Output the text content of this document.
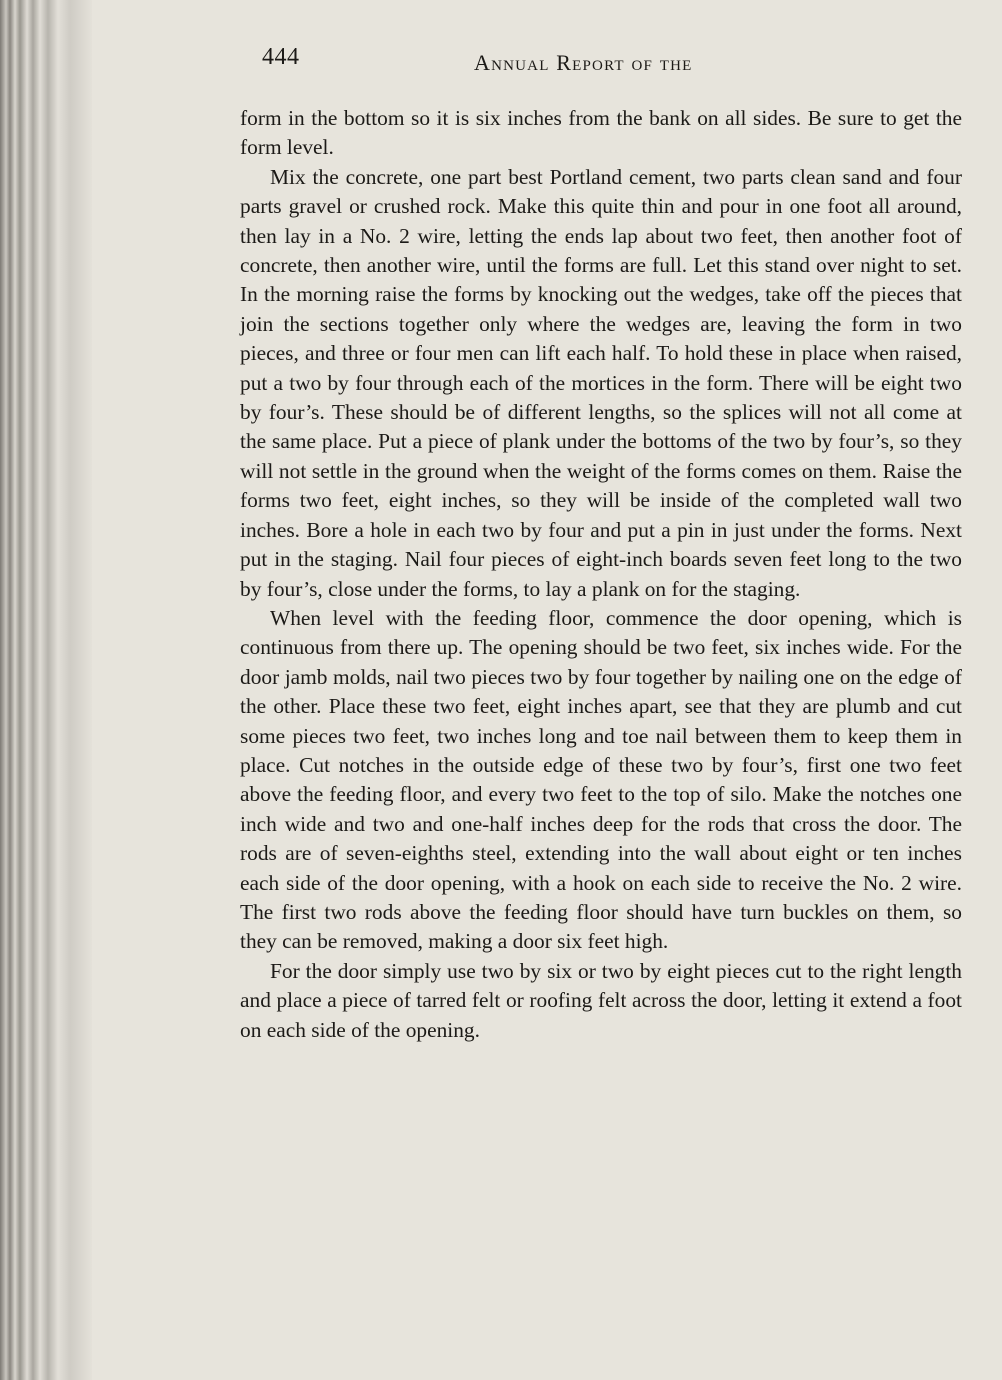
444	Annual Report of the

form in the bottom so it is six inches from the bank on all sides. Be sure to get the form level.

Mix the concrete, one part best Portland cement, two parts clean sand and four parts gravel or crushed rock. Make this quite thin and pour in one foot all around, then lay in a No. 2 wire, letting the ends lap about two feet, then another foot of concrete, then another wire, until the forms are full. Let this stand over night to set. In the morning raise the forms by knocking out the wedges, take off the pieces that join the sections together only where the wedges are, leaving the form in two pieces, and three or four men can lift each half. To hold these in place when raised, put a two by four through each of the mortices in the form. There will be eight two by four’s. These should be of different lengths, so the splices will not all come at the same place. Put a piece of plank under the bottoms of the two by four’s, so they will not settle in the ground when the weight of the forms comes on them. Raise the forms two feet, eight inches, so they will be inside of the completed wall two inches. Bore a hole in each two by four and put a pin in just under the forms. Next put in the staging. Nail four pieces of eight-inch boards seven feet long to the two by four’s, close under the forms, to lay a plank on for the staging.

When level with the feeding floor, commence the door opening, which is continuous from there up. The opening should be two feet, six inches wide. For the door jamb molds, nail two pieces two by four together by nailing one on the edge of the other. Place these two feet, eight inches apart, see that they are plumb and cut some pieces two feet, two inches long and toe nail between them to keep them in place. Cut notches in the outside edge of these two by four’s, first one two feet above the feeding floor, and every two feet to the top of silo. Make the notches one inch wide and two and one-half inches deep for the rods that cross the door. The rods are of seven-eighths steel, extending into the wall about eight or ten inches each side of the door opening, with a hook on each side to receive the No. 2 wire. The first two rods above the feeding floor should have turn buckles on them, so they can be removed, making a door six feet high.

For the door simply use two by six or two by eight pieces cut to the right length and place a piece of tarred felt or roofing felt across the door, letting it extend a foot on each side of the opening.
